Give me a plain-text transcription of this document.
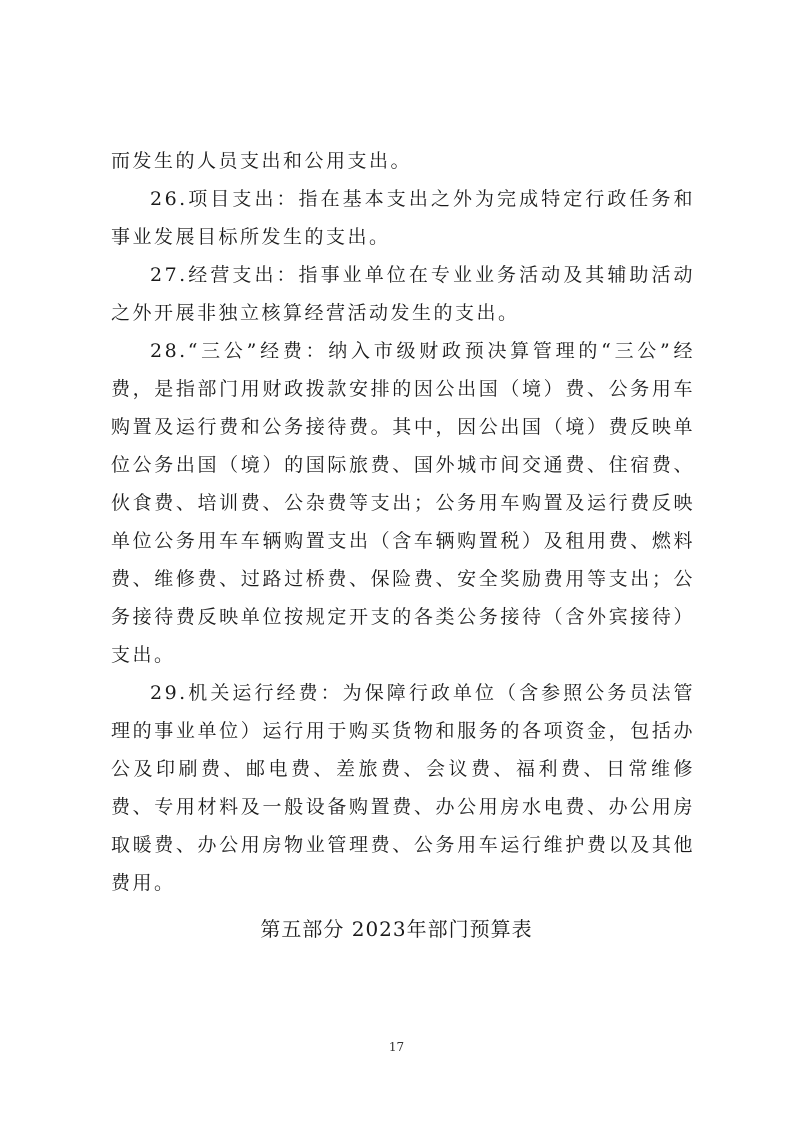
而发生的人员支出和公用支出。

26.项目支出：指在基本支出之外为完成特定行政任务和事业发展目标所发生的支出。

27.经营支出：指事业单位在专业业务活动及其辅助活动之外开展非独立核算经营活动发生的支出。

28.“三公”经费：纳入市级财政预决算管理的“三公”经费，是指部门用财政拨款安排的因公出国（境）费、公务用车购置及运行费和公务接待费。其中，因公出国（境）费反映单位公务出国（境）的国际旅费、国外城市间交通费、住宿费、伙食费、培训费、公杂费等支出；公务用车购置及运行费反映单位公务用车车辆购置支出（含车辆购置税）及租用费、燃料费、维修费、过路过桥费、保险费、安全奖励费用等支出；公务接待费反映单位按规定开支的各类公务接待（含外宾接待）支出。

29.机关运行经费：为保障行政单位（含参照公务员法管理的事业单位）运行用于购买货物和服务的各项资金，包括办公及印刷费、邮电费、差旅费、会议费、福利费、日常维修费、专用材料及一般设备购置费、办公用房水电费、办公用房取暖费、办公用房物业管理费、公务用车运行维护费以及其他费用。

第五部分 2023年部门预算表

17
